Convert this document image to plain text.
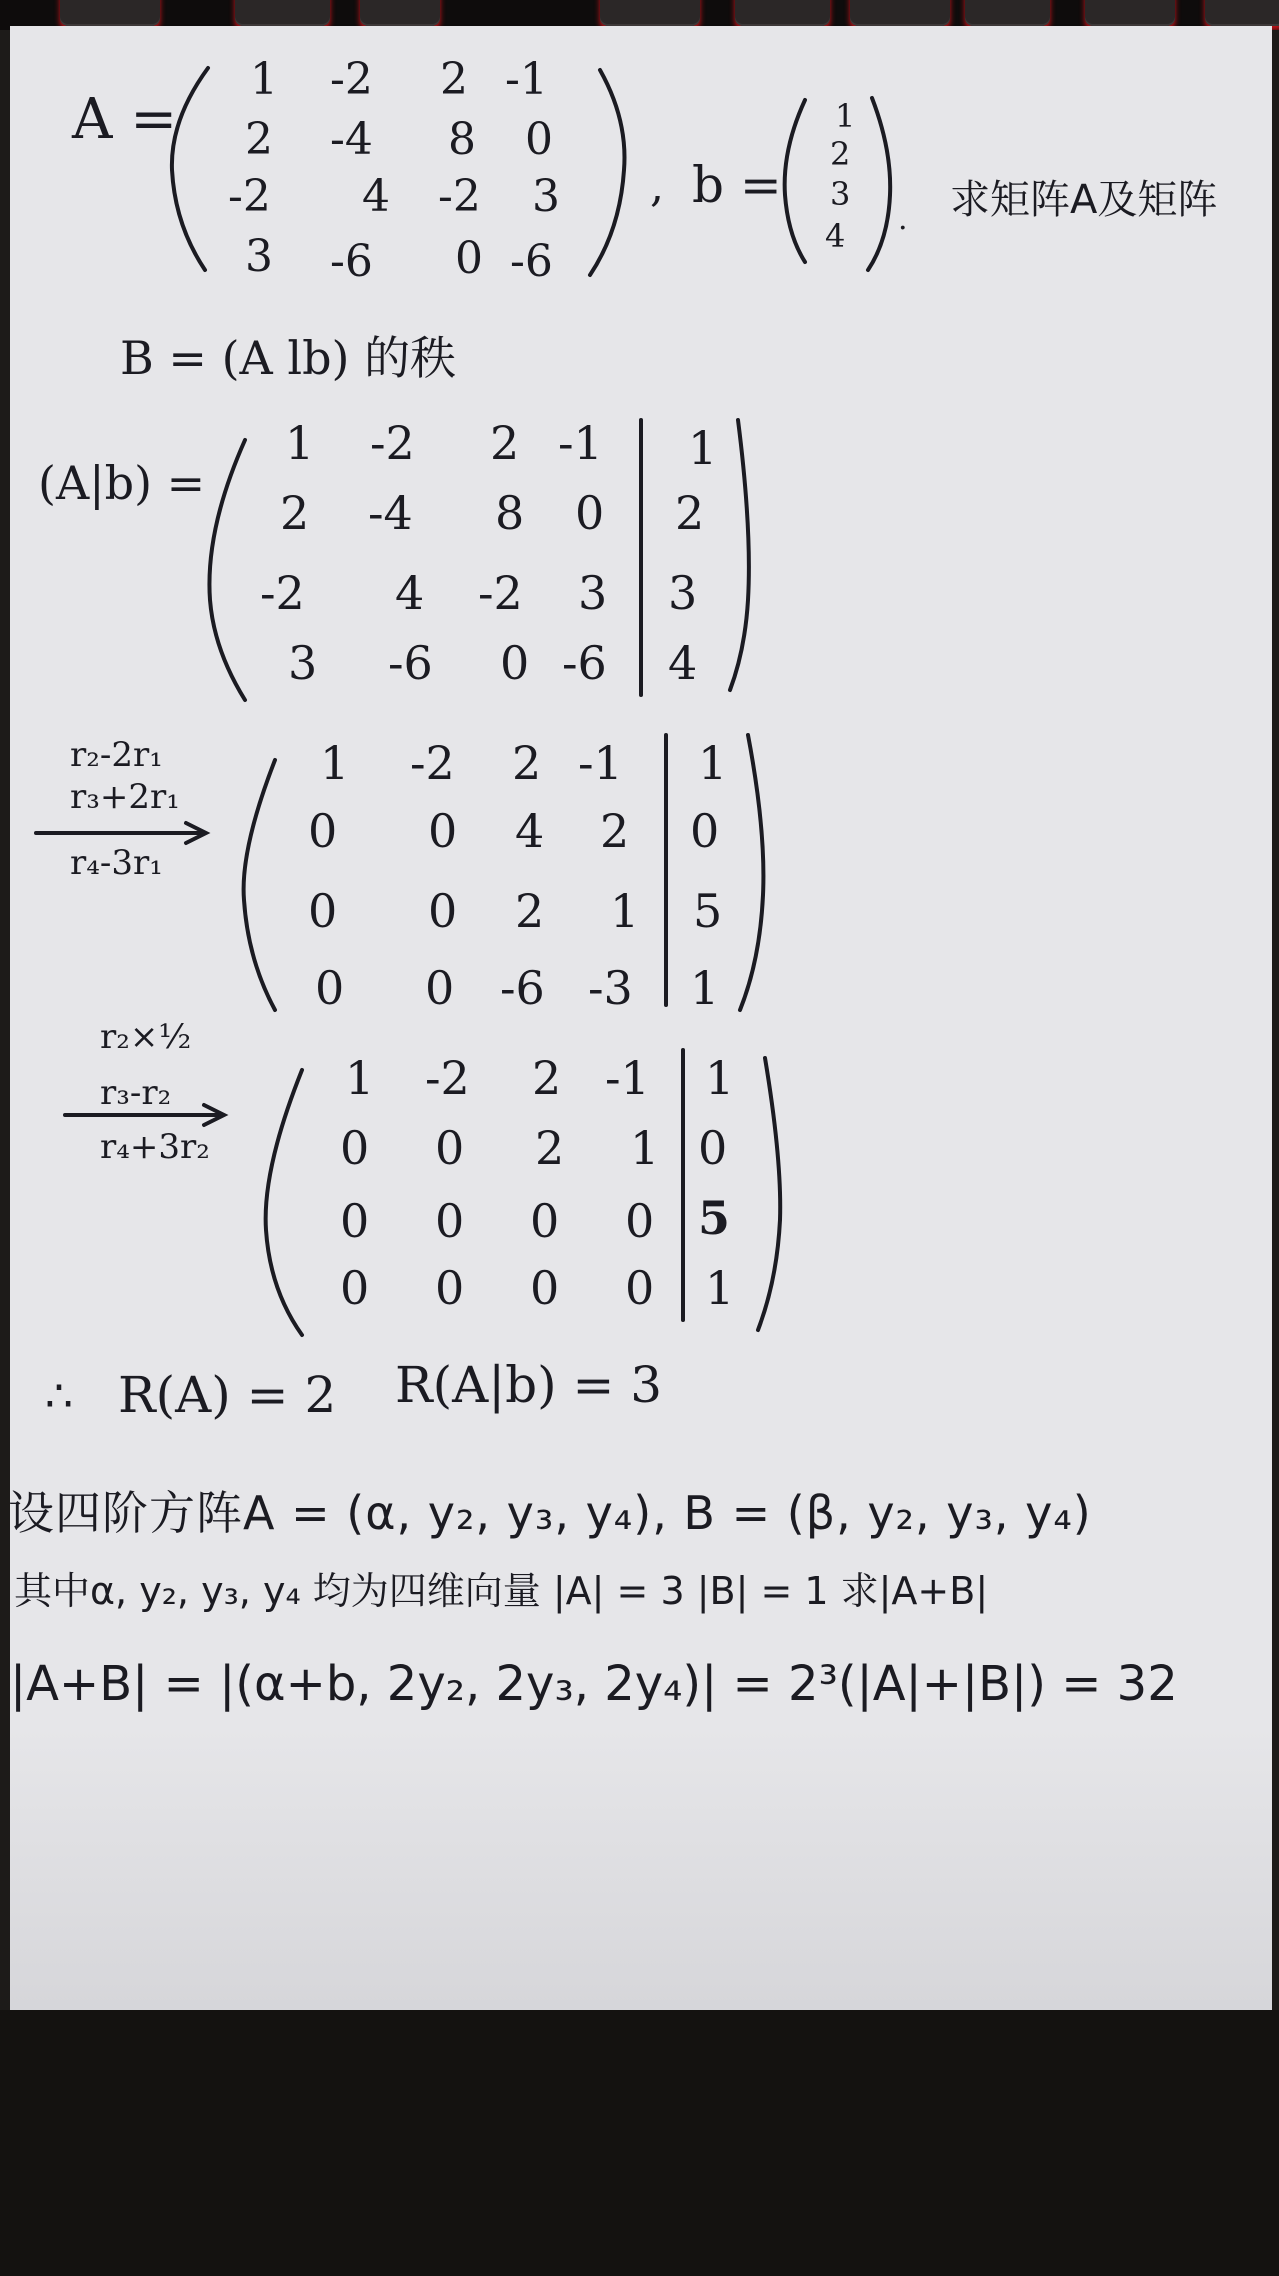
A =
1 -2 2 -1
2 -4 8 0
-2 4 -2 3
3 -6 0 -6
, b =
1
2
3
4 . 求矩阵A及矩阵
B = (A lb) 的秩
(A|b) =
1 -2 2 -1 1
2 -4 8 0 2
-2 4 -2 3 3
3 -6 0 -6 4
r₂-2r₁
r₃+2r₁
r₄-3r₁
1 -2 2 -1 1
0 0 4 2 0
0 0 2 1 5
0 0 -6 -3 1
r₂×½
r₃-r₂
r₄+3r₂
1 -2 2 -1 1
0 0 2 1 0
0 0 0 0 5
0 0 0 0 1
∴ R(A) = 2 R(A|b) = 3
设四阶方阵A = (α, y₂, y₃, y₄), B = (β, y₂, y₃, y₄)
其中α, y₂, y₃, y₄ 均为四维向量 |A| = 3 |B| = 1 求|A+B|
|A+B| = |(α+b, 2y₂, 2y₃, 2y₄)| = 2³(|A|+|B|) = 32
